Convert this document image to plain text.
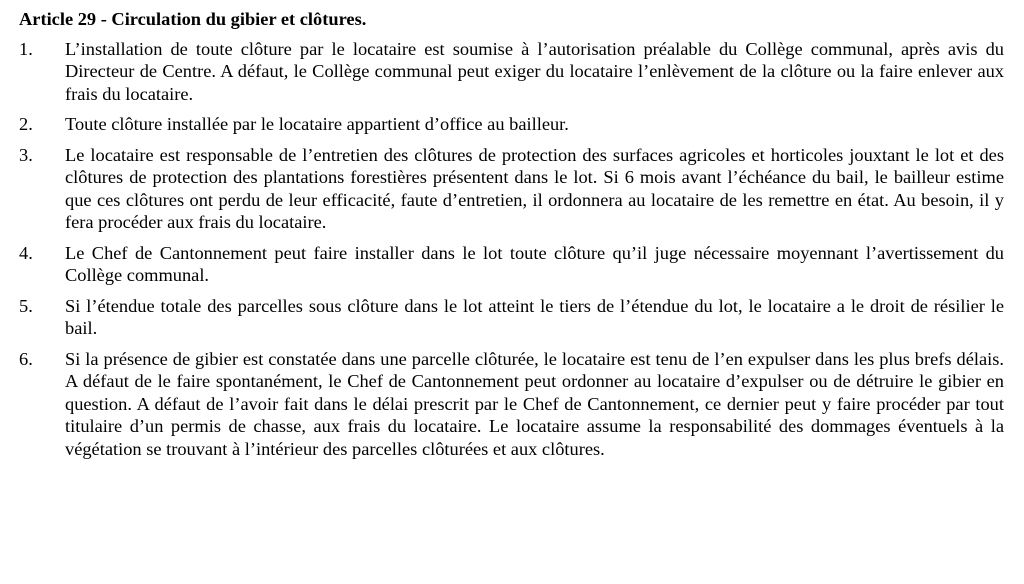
Article 29 - Circulation du gibier et clôtures.
1.	L’installation de toute clôture par le locataire est soumise à l’autorisation préalable du Collège communal, après avis du Directeur de Centre. A défaut, le Collège communal peut exiger du locataire l’enlèvement de la clôture ou la faire enlever aux frais du locataire.
2.	Toute clôture installée par le locataire appartient d’office au bailleur.
3.	Le locataire est responsable de l’entretien des clôtures de protection des surfaces agricoles et horticoles jouxtant le lot et des clôtures de protection des plantations forestières présentent dans le lot. Si 6 mois avant l’échéance du bail, le bailleur estime que ces clôtures ont perdu de leur efficacité, faute d’entretien, il ordonnera au locataire de les remettre en état. Au besoin, il y fera procéder aux frais du locataire.
4.	Le Chef de Cantonnement peut faire installer dans le lot toute clôture qu’il juge nécessaire moyennant l’avertissement du Collège communal.
5.	Si l’étendue totale des parcelles sous clôture dans le lot atteint le tiers de l’étendue du lot, le locataire a le droit de résilier le bail.
6.	Si la présence de gibier est constatée dans une parcelle clôturée, le locataire est tenu de l’en expulser dans les plus brefs délais. A défaut de le faire spontanément, le Chef de Cantonnement peut ordonner au locataire d’expulser ou de détruire le gibier en question. A défaut de l’avoir fait dans le délai prescrit par le Chef de Cantonnement, ce dernier peut y faire procéder par tout titulaire d’un permis de chasse, aux frais du locataire. Le locataire assume la responsabilité des dommages éventuels à la végétation se trouvant à l’intérieur des parcelles clôturées et aux clôtures.
